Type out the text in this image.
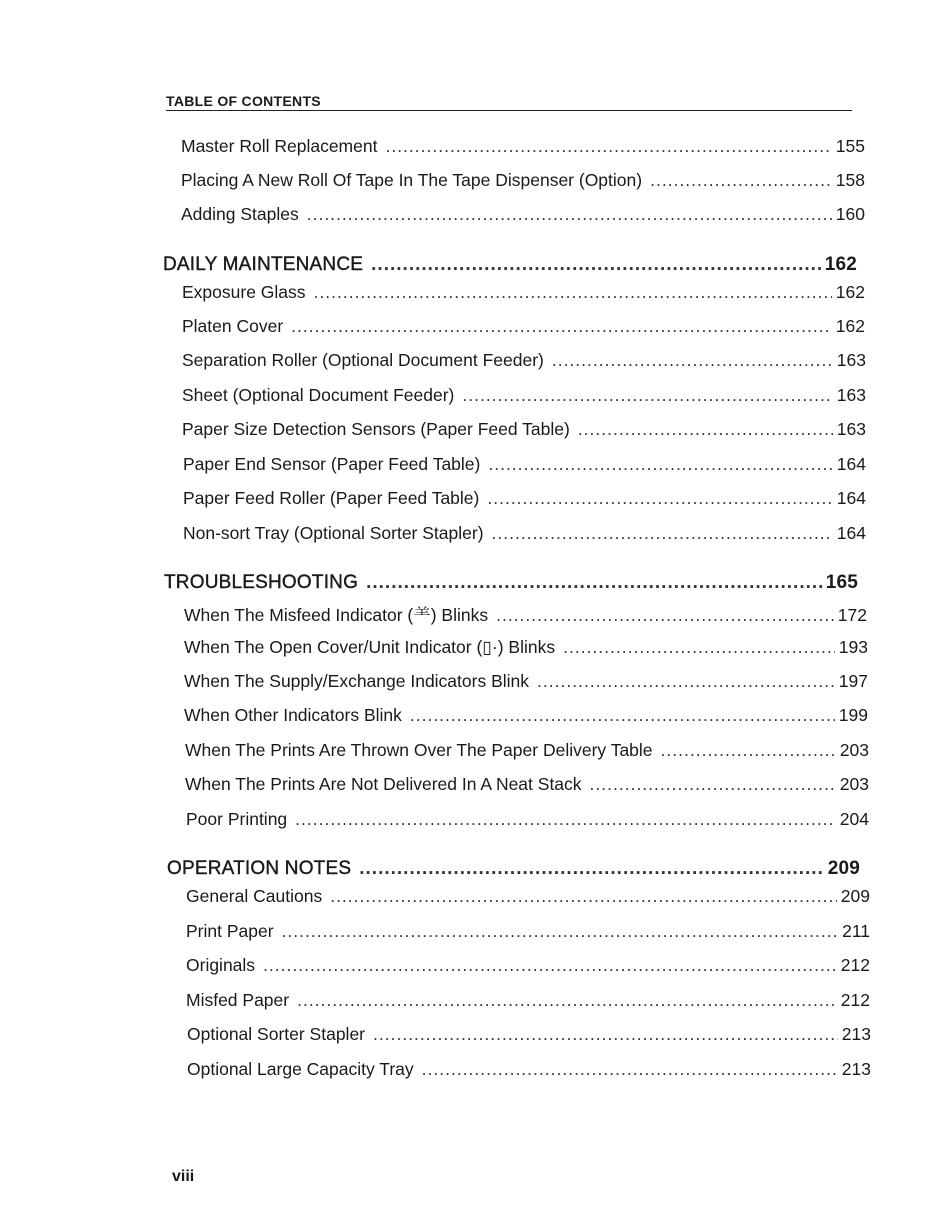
TABLE OF CONTENTS
Master Roll Replacement .....	155
Placing A New Roll Of Tape In The Tape Dispenser (Option) .....	158
Adding Staples .....	160
DAILY MAINTENANCE .....	162
Exposure Glass .....	162
Platen Cover .....	162
Separation Roller (Optional Document Feeder) .....	163
Sheet (Optional Document Feeder) .....	163
Paper Size Detection Sensors (Paper Feed Table) .....	163
Paper End Sensor (Paper Feed Table) .....	164
Paper Feed Roller (Paper Feed Table) .....	164
Non-sort Tray (Optional Sorter Stapler) .....	164
TROUBLESHOOTING .....	165
When The Misfeed Indicator (⺷) Blinks .....	172
When The Open Cover/Unit Indicator (▯·) Blinks .....	193
When The Supply/Exchange Indicators Blink .....	197
When Other Indicators Blink .....	199
When The Prints Are Thrown Over The Paper Delivery Table .....	203
When The Prints Are Not Delivered In A Neat Stack .....	203
Poor Printing .....	204
OPERATION NOTES .....	209
General Cautions .....	209
Print Paper .....	211
Originals .....	212
Misfed Paper .....	212
Optional Sorter Stapler .....	213
Optional Large Capacity Tray .....	213
viii
